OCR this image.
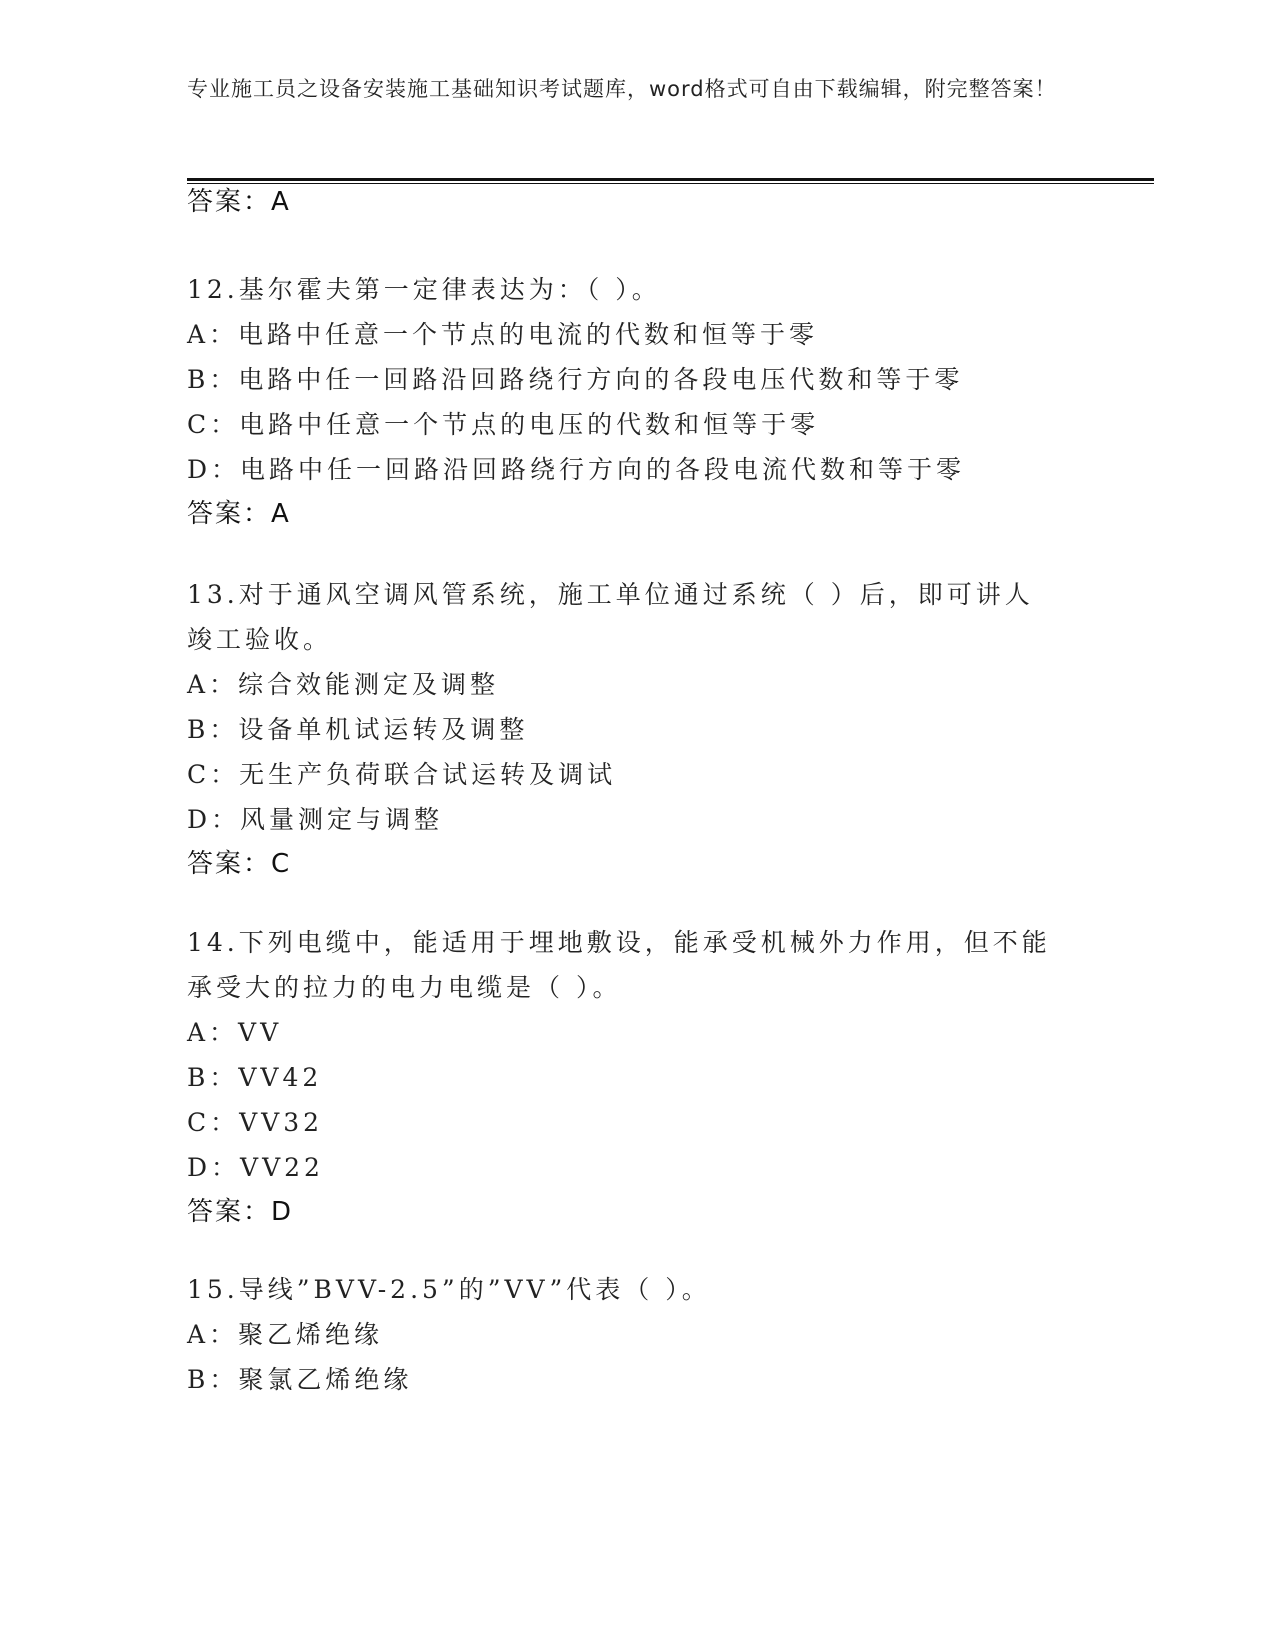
专业施工员之设备安装施工基础知识考试题库，word格式可自由下载编辑，附完整答案！

答案：A

12.基尔霍夫第一定律表达为：（ ）。

A：电路中任意一个节点的电流的代数和恒等于零

B：电路中任一回路沿回路绕行方向的各段电压代数和等于零

C：电路中任意一个节点的电压的代数和恒等于零

D：电路中任一回路沿回路绕行方向的各段电流代数和等于零

答案：A

13.对于通风空调风管系统，施工单位通过系统（ ）后，即可讲人竣工验收。

A：综合效能测定及调整

B：设备单机试运转及调整

C：无生产负荷联合试运转及调试

D：风量测定与调整

答案：C

14.下列电缆中，能适用于埋地敷设，能承受机械外力作用，但不能承受大的拉力的电力电缆是（ ）。

A：VV

B：VV42

C：VV32

D：VV22

答案：D

15.导线”BVV-2.5”的”VV”代表（ ）。

A：聚乙烯绝缘

B：聚氯乙烯绝缘
